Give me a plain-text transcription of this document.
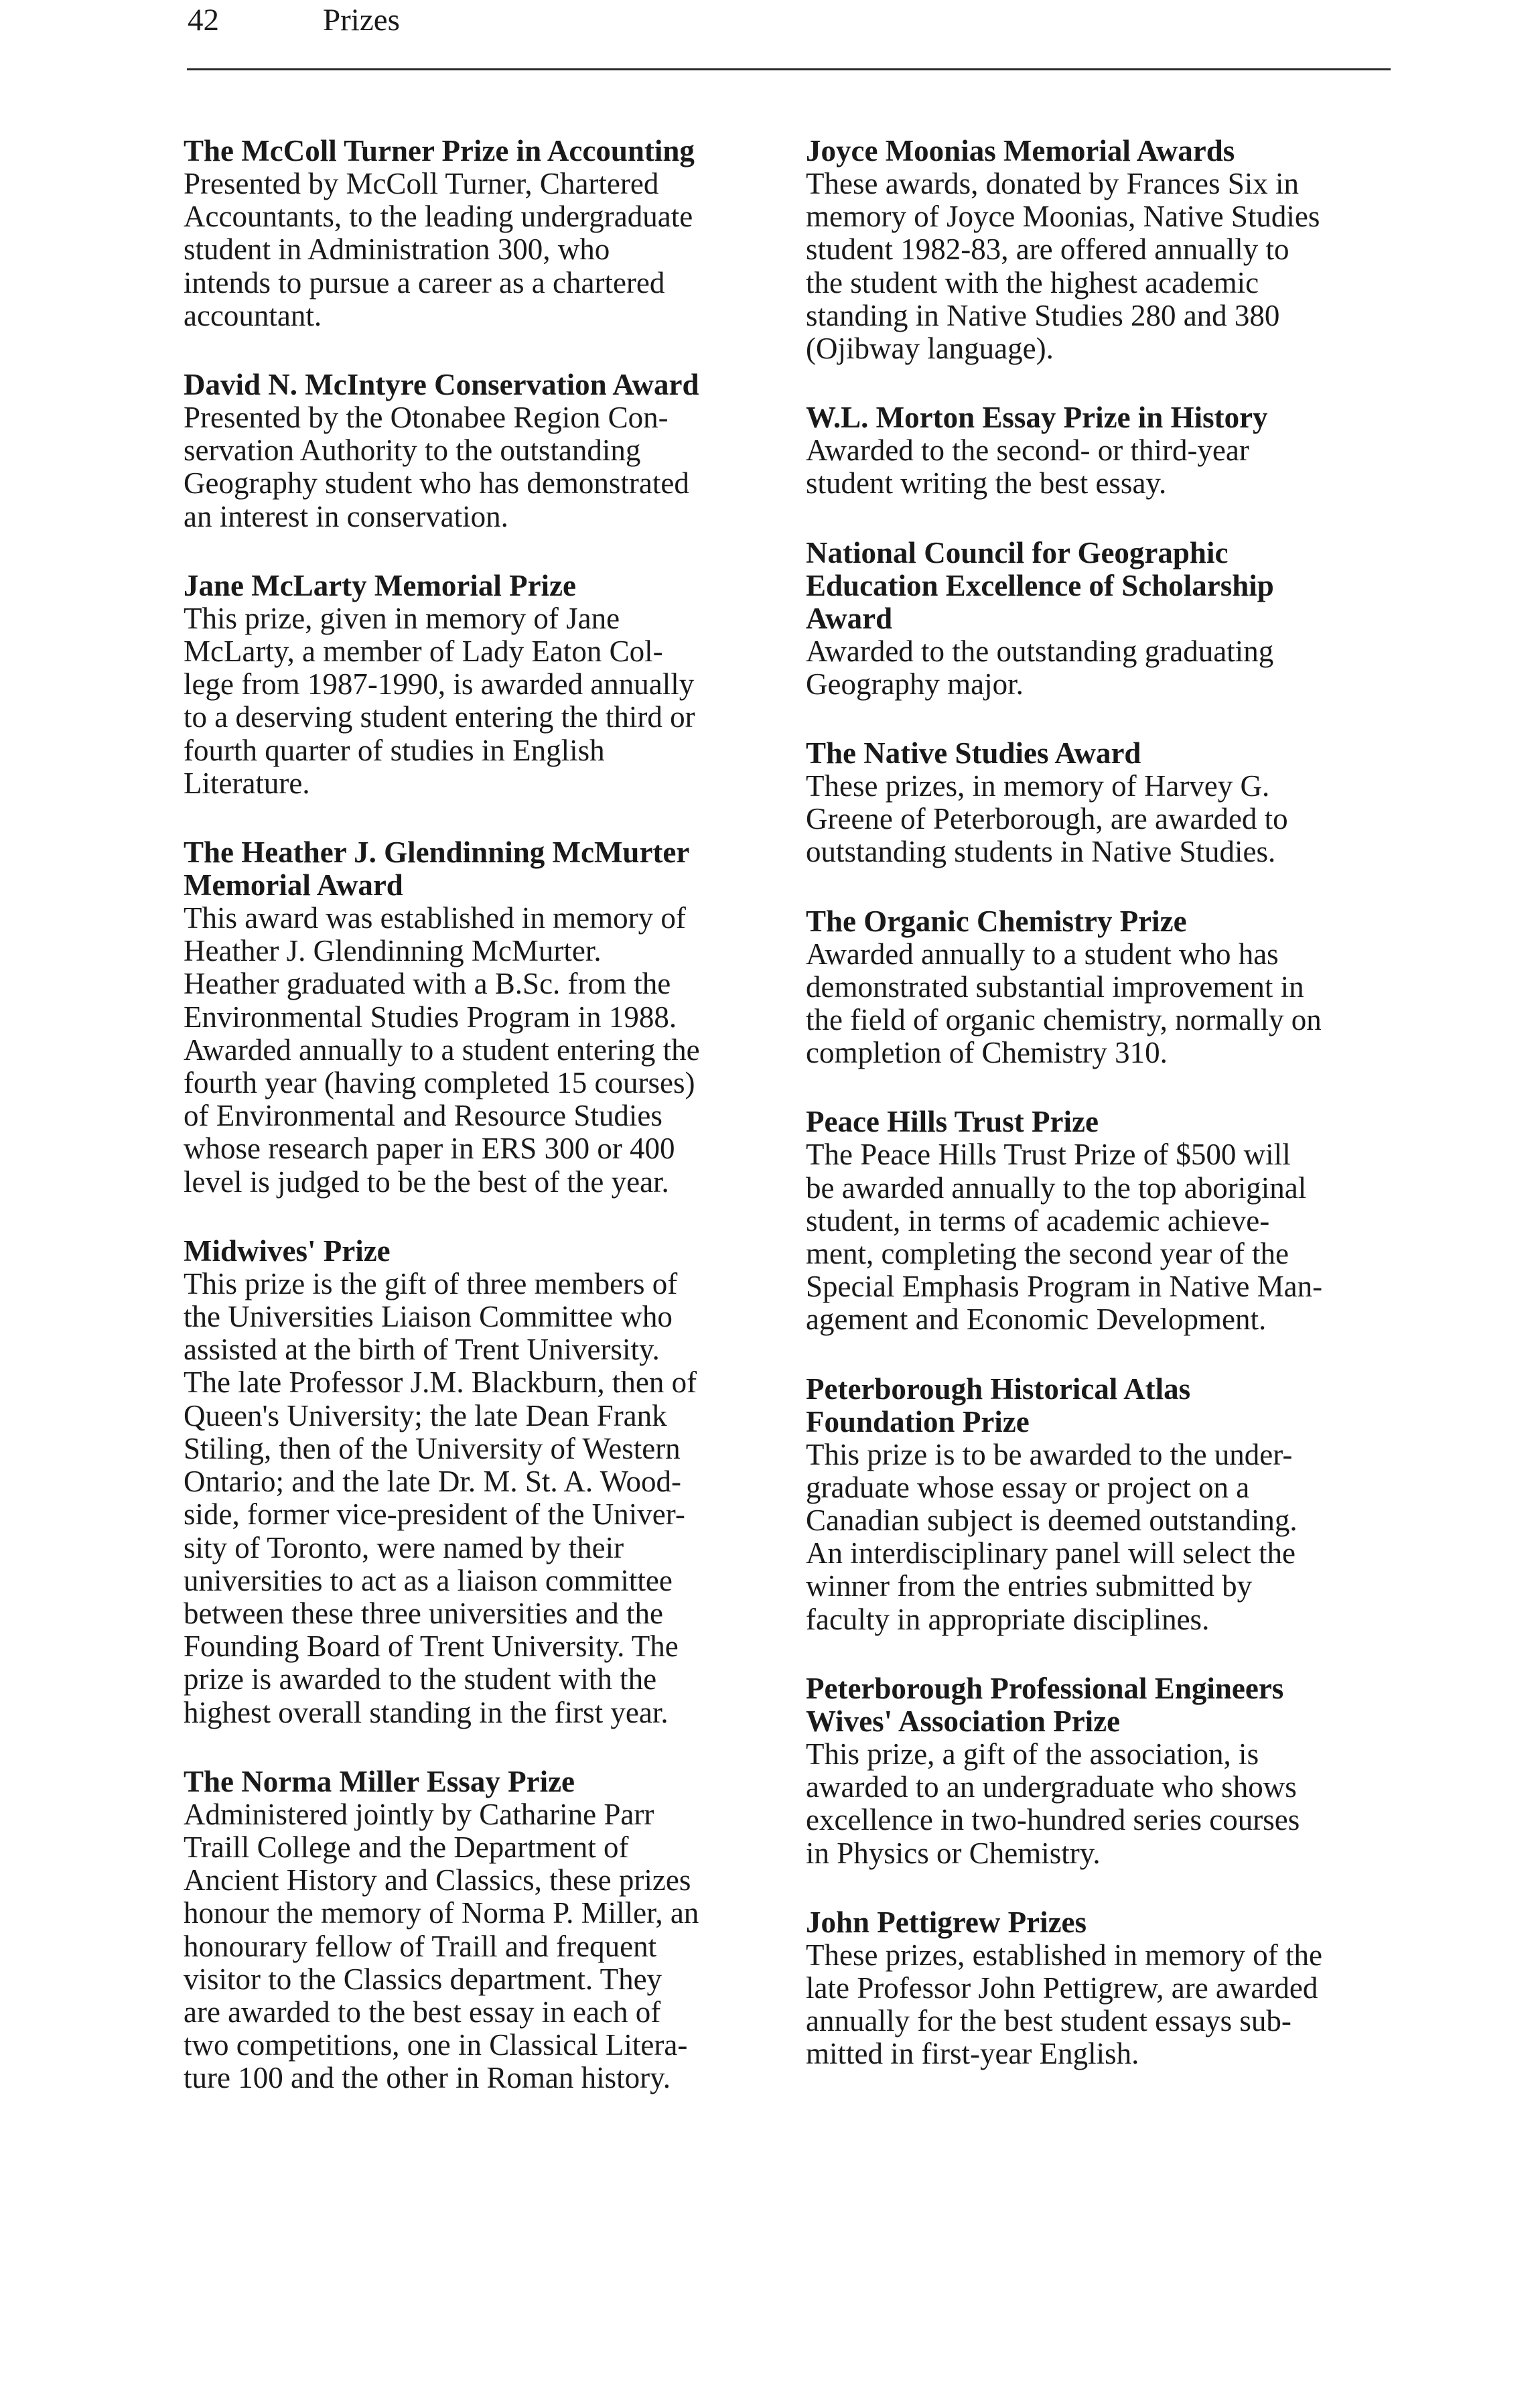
42	Prizes

The McColl Turner Prize in Accounting

Presented by McColl Turner, Chartered
Accountants, to the leading undergraduate
student in Administration 300, who
intends to pursue a career as a chartered
accountant.

David N. McIntyre Conservation Award

Presented by the Otonabee Region Con-
servation Authority to the outstanding
Geography student who has demonstrated
an interest in conservation.

Jane McLarty Memorial Prize

This prize, given in memory of Jane
McLarty, a member of Lady Eaton Col-
lege from 1987-1990, is awarded annually
to a deserving student entering the third or
fourth quarter of studies in English
Literature.

The Heather J. Glendinning McMurter
Memorial Award

This award was established in memory of
Heather J. Glendinning McMurter.
Heather graduated with a B.Sc. from the
Environmental Studies Program in 1988.
Awarded annually to a student entering the
fourth year (having completed 15 courses)
of Environmental and Resource Studies
whose research paper in ERS 300 or 400
level is judged to be the best of the year.

Midwives' Prize

This prize is the gift of three members of
the Universities Liaison Committee who
assisted at the birth of Trent University.
The late Professor J.M. Blackburn, then of
Queen's University; the late Dean Frank
Stiling, then of the University of Western
Ontario; and the late Dr. M. St. A. Wood-
side, former vice-president of the Univer-
sity of Toronto, were named by their
universities to act as a liaison committee
between these three universities and the
Founding Board of Trent University. The
prize is awarded to the student with the
highest overall standing in the first year.

The Norma Miller Essay Prize

Administered jointly by Catharine Parr
Traill College and the Department of
Ancient History and Classics, these prizes
honour the memory of Norma P. Miller, an
honourary fellow of Traill and frequent
visitor to the Classics department. They
are awarded to the best essay in each of
two competitions, one in Classical Litera-
ture 100 and the other in Roman history.

Joyce Moonias Memorial Awards

These awards, donated by Frances Six in
memory of Joyce Moonias, Native Studies
student 1982-83, are offered annually to
the student with the highest academic
standing in Native Studies 280 and 380
(Ojibway language).

W.L. Morton Essay Prize in History

Awarded to the second- or third-year
student writing the best essay.

National Council for Geographic
Education Excellence of Scholarship
Award

Awarded to the outstanding graduating
Geography major.

The Native Studies Award

These prizes, in memory of Harvey G.
Greene of Peterborough, are awarded to
outstanding students in Native Studies.

The Organic Chemistry Prize

Awarded annually to a student who has
demonstrated substantial improvement in
the field of organic chemistry, normally on
completion of Chemistry 310.

Peace Hills Trust Prize

The Peace Hills Trust Prize of $500 will
be awarded annually to the top aboriginal
student, in terms of academic achieve-
ment, completing the second year of the
Special Emphasis Program in Native Man-
agement and Economic Development.

Peterborough Historical Atlas
Foundation Prize

This prize is to be awarded to the under-
graduate whose essay or project on a
Canadian subject is deemed outstanding.
An interdisciplinary panel will select the
winner from the entries submitted by
faculty in appropriate disciplines.

Peterborough Professional Engineers
Wives' Association Prize

This prize, a gift of the association, is
awarded to an undergraduate who shows
excellence in two-hundred series courses
in Physics or Chemistry.

John Pettigrew Prizes

These prizes, established in memory of the
late Professor John Pettigrew, are awarded
annually for the best student essays sub-
mitted in first-year English.
